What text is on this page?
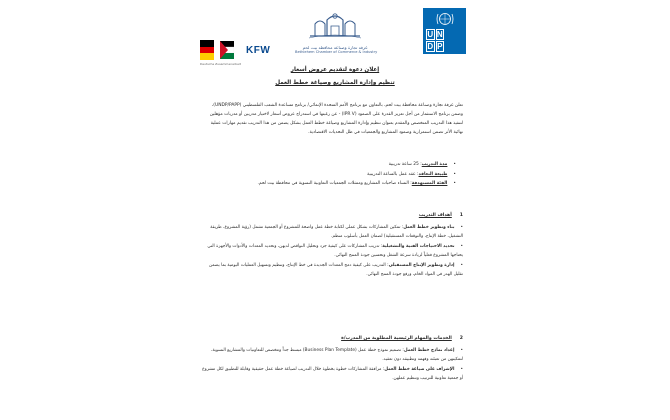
Deutsche Zusammenarbeit
KFW	غرفة تجارة وصناعة محافظة بيت لحم
Bethlehem Chamber of Commerce & Industry
U N
D P
إعلان دعوة لتقديم عروض أسعار
تنظيم وإدارة المشاريع وصياغة خطط العمل
تعلن غرفة تجارة وصناعة محافظة بيت لحم، بالتعاون مع برنامج الأمم المتحدة الإنمائي/ برنامج مساعدة الشعب الفلسطيني (UNDP/PAPP)، وضمن برنامج الاستثمار من أجل تعزيز القدرة على الصمود (IPR V) - عن رغبتها في استدراج عروض أسعار لاختيار مدربين أو مدربات مؤهلين لتنفيذ هذا التدريب المتخصص والمقدم بعنوان تنظيم وإدارة المشاريع وصياغة خطط العمل بشكل يضمن من هذا التدريب تقديم مهارات عملية نهائية الأثر تضمن استمرارية وصمود المشاريع والجمعيات في ظل التحديات الاقتصادية.
• مدة التدريب: 25 ساعة تدريبية
• طبيعة التعاقد: عقد عمل بالساعة التدريبية
• الفئة المستهدفة: النساء صاحبات المشاريع وممثلات الجمعيات التعاونية النسوية في محافظة بيت لحم.
1أهداف التدريب
• بناء وتطوير خطط العمل: تمكين المشاركات بشكل عملي لكتابة خطة عمل واضحة للمشروع أو الجمعية تشمل (رؤية المشروع، طريقة التشغيل، خطة الإنتاج، والتوقعات المستقبلية) لضمان العمل بأسلوب منظم.
• تحديد الاحتياجات الفنية والتشغيلية: تدريب المشاركات على كيفية جرد وتحليل النواقص لديهن، وتحديد المعدات والأدوات والأجهزة التي يحتاجها المشروع فعلياً لزيادة سرعة الشغل وتحسين جودة المنتج النهائي.
• إدارة وتطوير الإنتاج المستقبلي: التدريب على كيفية دمج المعدات الجديدة في خط الإنتاج، وتنظيم وتسهيل العمليات اليومية بما يضمن تقليل الهدر في المواد الخام، ورفع جودة المنتج النهائي.
2الخدمات والمهام الرئيسية المطلوبة من المدرب/ة
• إعداد نماذج خطط العمل: تصميم نموذج خطة عمل (Business Plan Template) مبسط جداً ومخصص للتعاونيات والمشاريع النسوية، لتمكينهن من تعبئته وفهمه وتطبيقه دون تعقيد.
• الإشراف على صياغة خطط العمل: مرافقة المشاركات خطوة بخطوة خلال التدريب لصياغة خطة عمل حقيقية وقابلة للتطبيق لكل مشروع أو جمعية تعاونية للترتيب وتنظيم عملهن.
